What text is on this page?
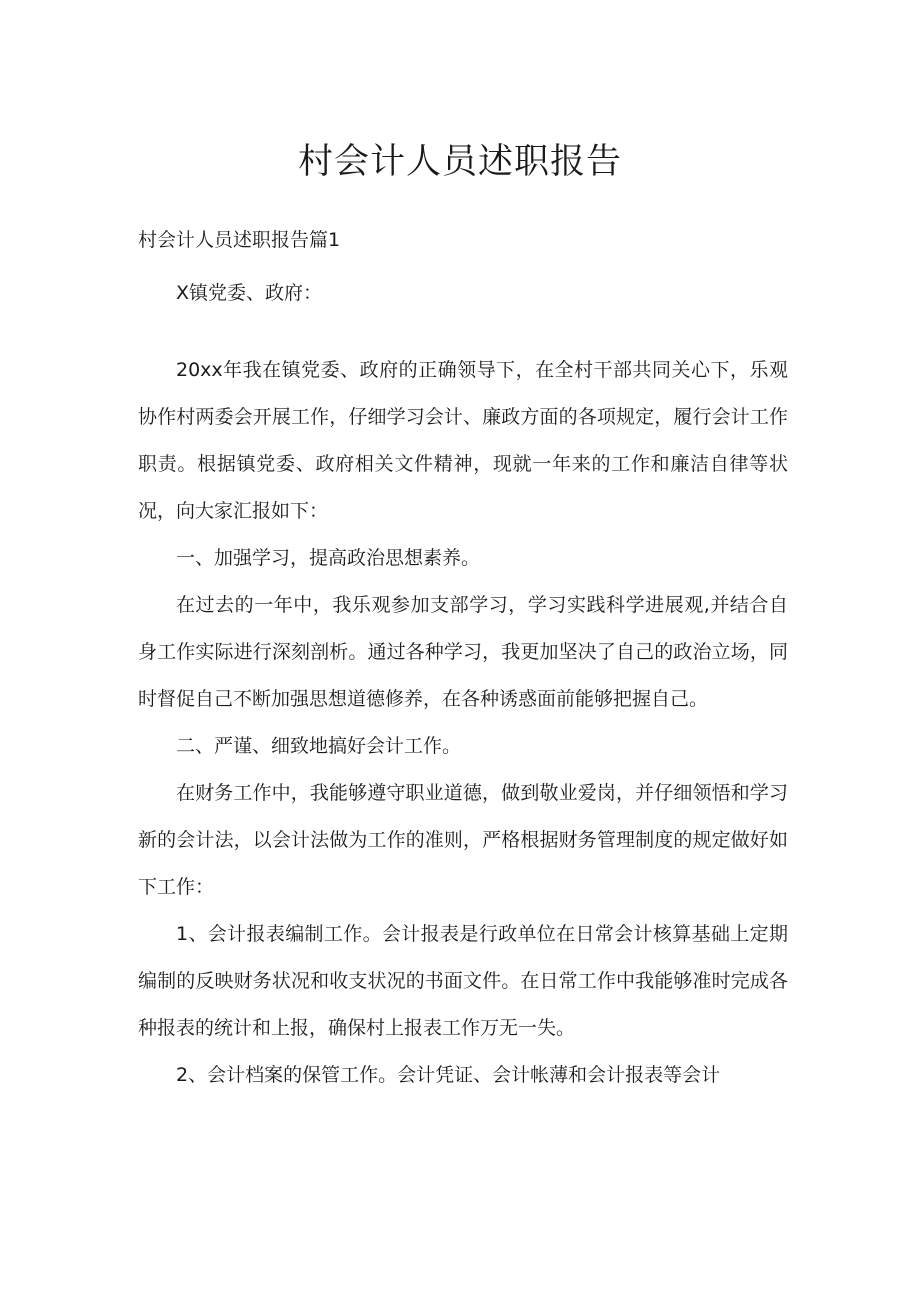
村会计人员述职报告
村会计人员述职报告篇1

X镇党委、政府：

20xx年我在镇党委、政府的正确领导下，在全村干部共同关心下，乐观协作村两委会开展工作，仔细学习会计、廉政方面的各项规定，履行会计工作职责。根据镇党委、政府相关文件精神，现就一年来的工作和廉洁自律等状况，向大家汇报如下：

一、加强学习，提高政治思想素养。

在过去的一年中，我乐观参加支部学习，学习实践科学进展观,并结合自身工作实际进行深刻剖析。通过各种学习，我更加坚决了自己的政治立场，同时督促自己不断加强思想道德修养，在各种诱惑面前能够把握自己。

二、严谨、细致地搞好会计工作。

在财务工作中，我能够遵守职业道德，做到敬业爱岗，并仔细领悟和学习新的会计法，以会计法做为工作的准则，严格根据财务管理制度的规定做好如下工作：

1、会计报表编制工作。会计报表是行政单位在日常会计核算基础上定期编制的反映财务状况和收支状况的书面文件。在日常工作中我能够准时完成各种报表的统计和上报，确保村上报表工作万无一失。

2、会计档案的保管工作。会计凭证、会计帐薄和会计报表等会计
